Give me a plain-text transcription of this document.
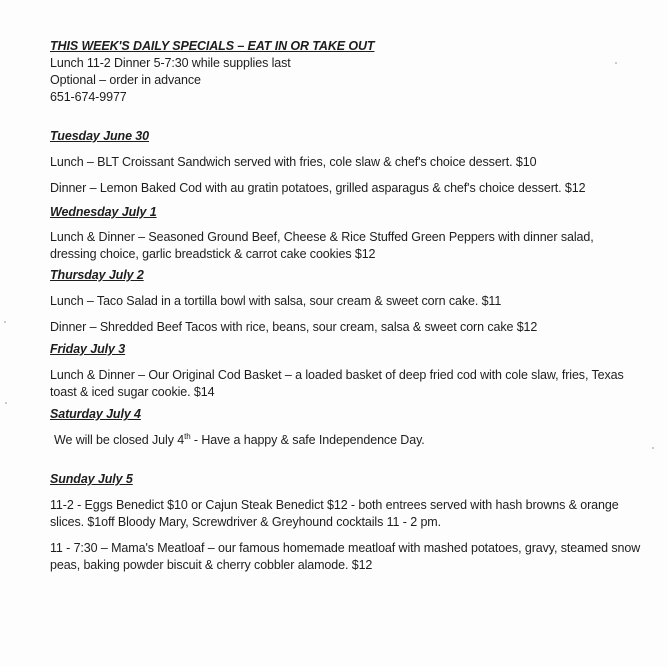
THIS WEEK'S DAILY SPECIALS – EAT IN OR TAKE OUT

Lunch 11-2 Dinner 5-7:30 while supplies last

Optional – order in advance

651-674-9977

Tuesday June 30

Lunch – BLT Croissant Sandwich served with fries, cole slaw & chef's choice dessert. $10

Dinner – Lemon Baked Cod with au gratin potatoes, grilled asparagus & chef's choice dessert. $12

Wednesday July 1

Lunch & Dinner – Seasoned Ground Beef, Cheese & Rice Stuffed Green Peppers with dinner salad, dressing choice, garlic breadstick & carrot cake cookies $12

Thursday July 2

Lunch – Taco Salad in a tortilla bowl with salsa, sour cream & sweet corn cake. $11

Dinner – Shredded Beef Tacos with rice, beans, sour cream, salsa & sweet corn cake $12

Friday July 3

Lunch & Dinner – Our Original Cod Basket – a loaded basket of deep fried cod with cole slaw, fries, Texas toast & iced sugar cookie. $14

Saturday July 4

We will be closed July 4th - Have a happy & safe Independence Day.

Sunday July 5

11-2 - Eggs Benedict $10 or Cajun Steak Benedict $12 - both entrees served with hash browns & orange slices. $1off Bloody Mary, Screwdriver & Greyhound cocktails 11 - 2 pm.

11 - 7:30 – Mama's Meatloaf – our famous homemade meatloaf with mashed potatoes, gravy, steamed snow peas, baking powder biscuit & cherry cobbler alamode. $12
